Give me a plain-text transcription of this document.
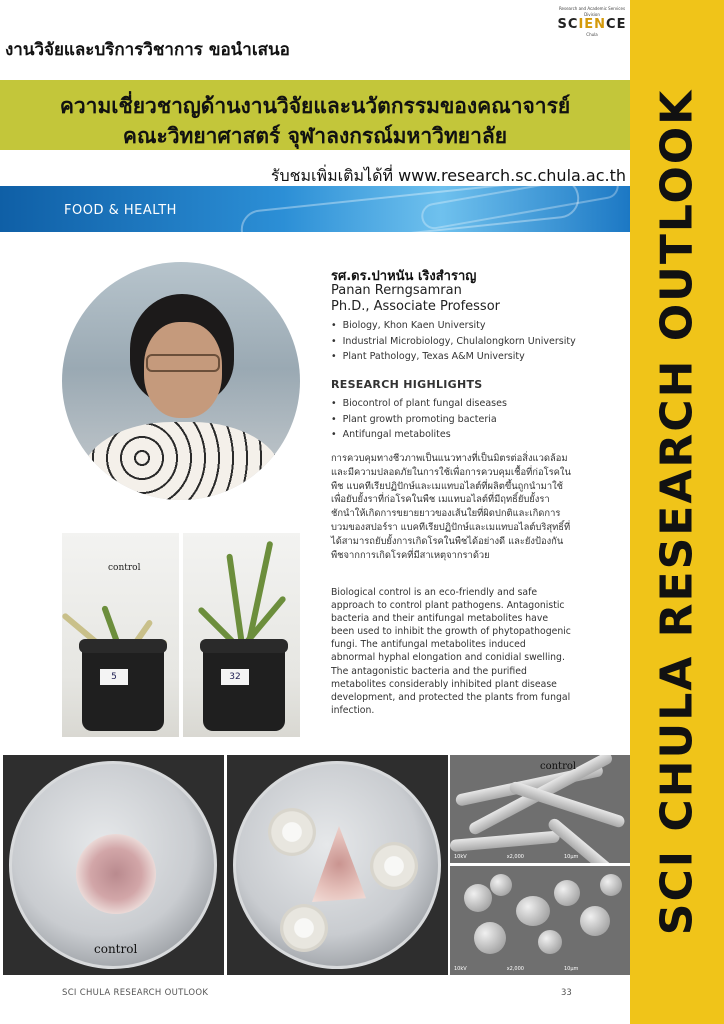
SCI CHULA RESEARCH OUTLOOK
Research and Academic Services Division
SCIENCE
Chula
งานวิจัยและบริการวิชาการ ขอนำเสนอ
ความเชี่ยวชาญด้านงานวิจัยและนวัตกรรมของคณาจารย์
คณะวิทยาศาสตร์ จุฬาลงกรณ์มหาวิทยาลัย
รับชมเพิ่มเติมได้ที่ www.research.sc.chula.ac.th
FOOD & HEALTH
รศ.ดร.ปาหนัน เริงสำราญ
Panan Rerngsamran
Ph.D., Associate Professor
• Biology, Khon Kaen University
• Industrial Microbiology, Chulalongkorn University
• Plant Pathology, Texas A&M University
RESEARCH HIGHLIGHTS
• Biocontrol of plant fungal diseases
• Plant growth promoting bacteria
• Antifungal metabolites

การควบคุมทางชีวภาพเป็นแนวทางที่เป็นมิตรต่อสิ่งแวดล้อมและมีความปลอดภัยในการใช้เพื่อการควบคุมเชื้อที่ก่อโรคในพืช แบคทีเรียปฏิปักษ์และเมแทบอไลต์ที่ผลิตขึ้นถูกนำมาใช้เพื่อยับยั้งราที่ก่อโรคในพืช เมแทบอไลต์ที่มีฤทธิ์ยับยั้งราชักนำให้เกิดการขยายยาวของเส้นใยที่ผิดปกติและเกิดการบวมของสปอร์รา แบคทีเรียปฏิปักษ์และเมแทบอไลต์บริสุทธิ์ที่ได้สามารถยับยั้งการเกิดโรคในพืชได้อย่างดี และยังป้องกันพืชจากการเกิดโรคที่มีสาเหตุจากราด้วย

Biological control is an eco-friendly and safe approach to control plant pathogens. Antagonistic bacteria and their antifungal metabolites have been used to inhibit the growth of phytopathogenic fungi. The antifungal metabolites induced abnormal hyphal elongation and conidial swelling. The antagonistic bacteria and the purified metabolites considerably inhibited plant disease development, and protected the plants from fungal infection.

control
5	32
control
control
10kV	x2,000	10μm
10kV	x2,000	10μm
SCI CHULA RESEARCH OUTLOOK	33
